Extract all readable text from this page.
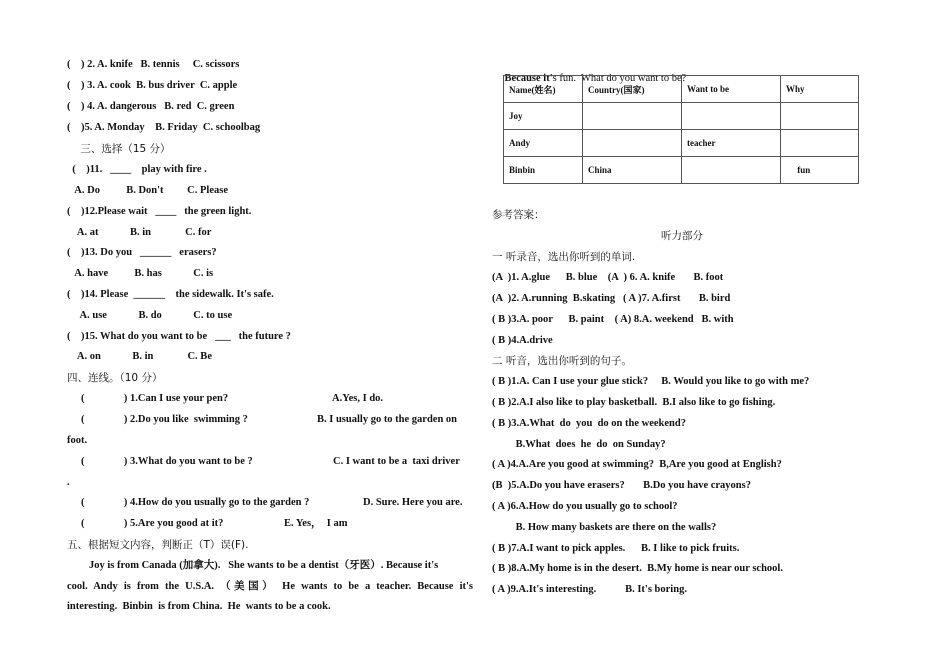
(    ) 2. A. knife   B. tennis     C. scissors
(    ) 3. A. cook  B. bus driver  C. apple
(    ) 4. A. dangerous   B. red  C. green
(    )5. A. Monday    B. Friday  C. schoolbag
三、选择（15 分）
(    )11.   ____    play with fire .
A. Do          B. Don't         C. Please
(    )12.Please wait   ____   the green light.
A. at            B. in             C. for
(    )13. Do you   ______   erasers?
A. have          B. has            C. is
(    )14. Please  ______    the sidewalk. It's safe.
A. use            B. do            C. to use
(    )15. What do you want to be   ___   the future ?
A. on            B. in             C. Be
四、连线。（10 分）
(               ) 1.Can I use your pen?	A.Yes, I do.
(               ) 2.Do you like  swimming ?	B. I usually go to the garden on
foot.
(               ) 3.What do you want to be ?	C. I want to be a  taxi driver
.
(               ) 4.How do you usually go to the garden ?	D. Sure. Here you are.
(               ) 5.Are you good at it?	E. Yes，  I am
五、根据短文内容，判断正（T）误(F).
Joy is from Canada (加拿大).   She wants to be a dentist（牙医）. Because it's
cool. Andy is from the U.S.A. （美国） He wants to be a teacher. Because it's
interesting.  Binbin  is from China.  He  wants to be a cook.

Because it's fun.  What do you want to be?

Name(姓名)	Country(国家)	Want to be	Why
Joy			
Andy		teacher	
Binbin	China		fun
参考答案：
听力部分
一 听录音，选出你听到的单词.
(A  )1. A.glue      B. blue    (A  ) 6. A. knife       B. foot
(A  )2. A.running  B.skating   ( A )7. A.first       B. bird
( B )3.A. poor      B. paint    ( A) 8.A. weekend   B. with
( B )4.A.drive
二 听音，选出你听到的句子。
( B )1.A. Can I use your glue stick?     B. Would you like to go with me?
( B )2.A.I also like to play basketball.  B.I also like to go fishing.
( B )3.A.What  do  you  do on the weekend?
B.What  does  he  do  on Sunday?
( A )4.A.Are you good at swimming?  B,Are you good at English?
(B  )5.A.Do you have erasers?       B.Do you have crayons?
( A )6.A.How do you usually go to school?
B. How many baskets are there on the walls?
( B )7.A.I want to pick apples.      B. I like to pick fruits.
( B )8.A.My home is in the desert.  B.My home is near our school.
( A )9.A.It's interesting.           B. It's boring.
